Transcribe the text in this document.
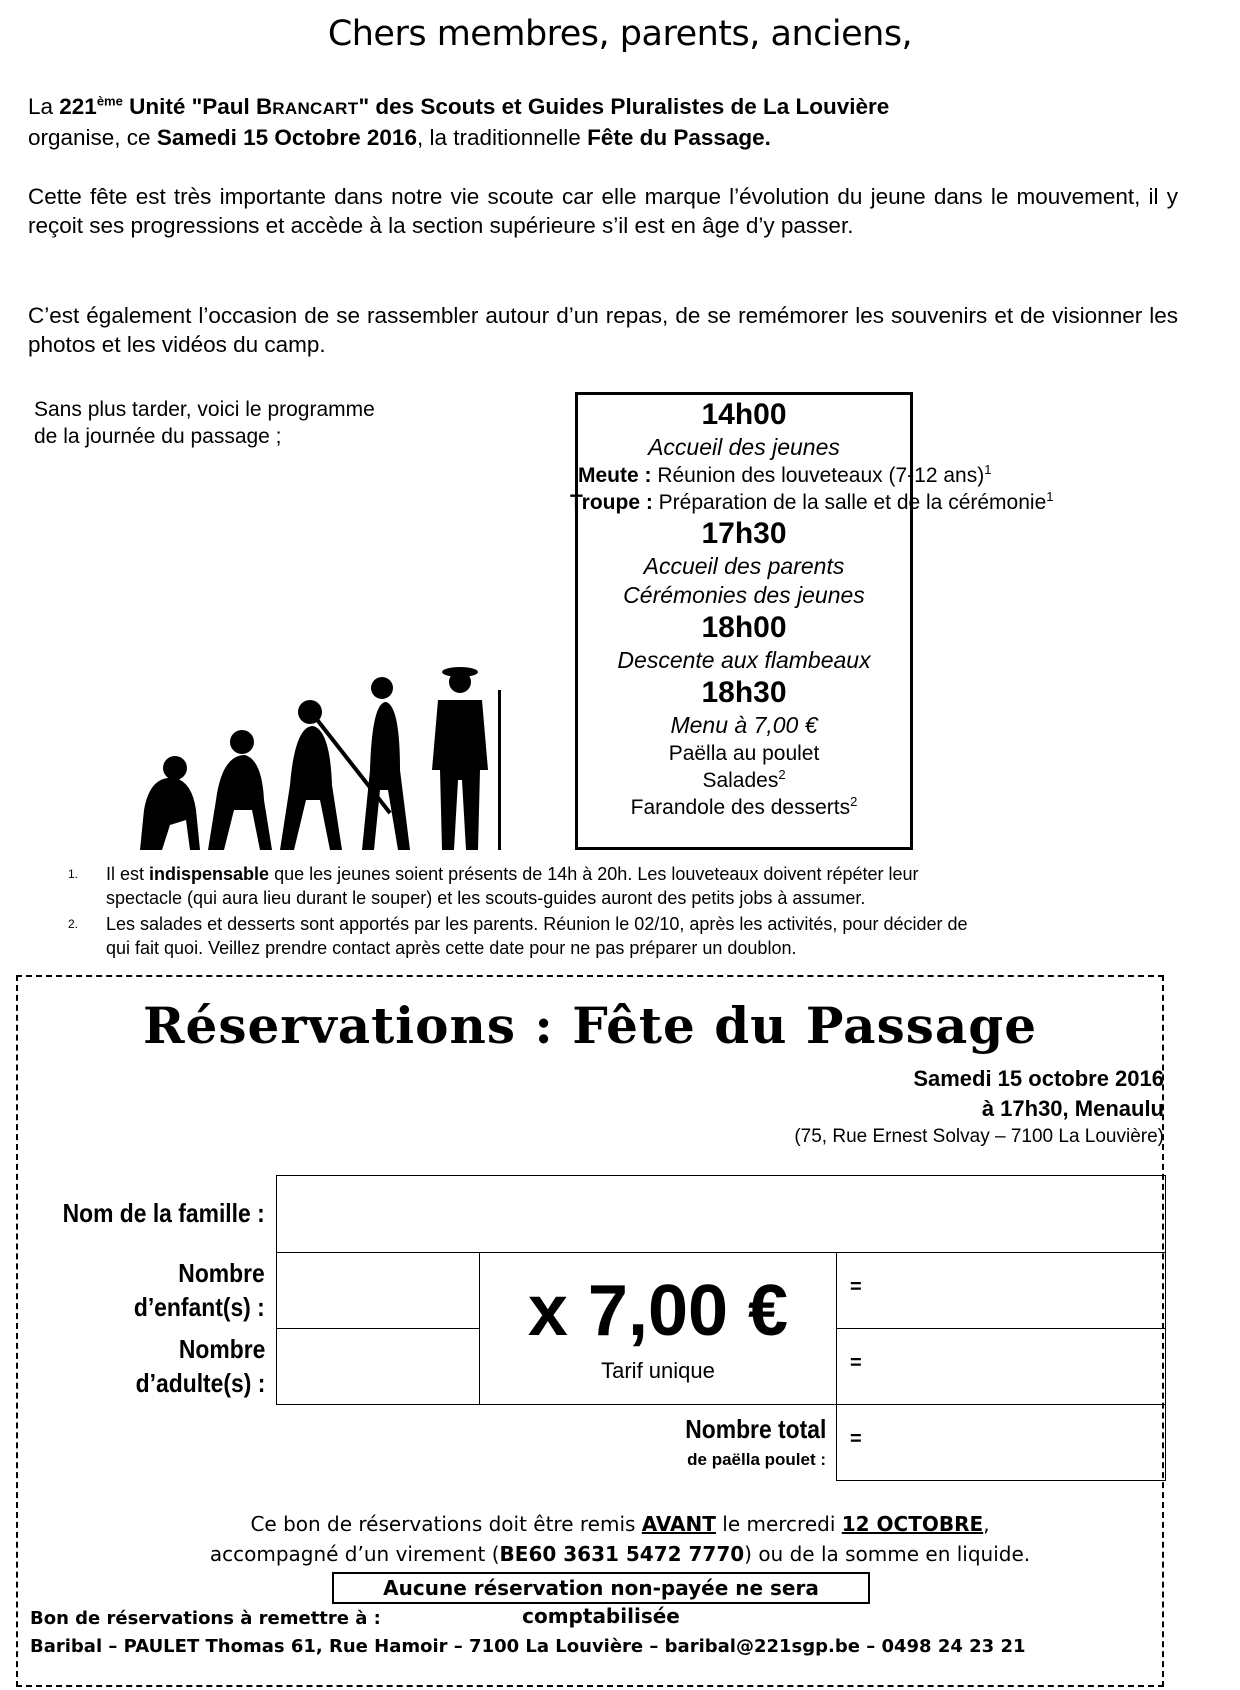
Chers membres, parents, anciens,
La 221ème Unité "Paul BRANCART" des Scouts et Guides Pluralistes de La Louvière
organise, ce Samedi 15 Octobre 2016, la traditionnelle Fête du Passage.
Cette fête est très importante dans notre vie scoute car elle marque l’évolution du jeune dans le mouvement, il y reçoit ses progressions et accède à la section supérieure s’il est en âge d’y passer.
C’est également l’occasion de se rassembler autour d’un repas, de se remémorer les souvenirs et de visionner les photos et les vidéos du camp.
Sans plus tarder, voici le programme
de la journée du passage ;
14h00
Accueil des jeunes
Meute : Réunion des louveteaux (7-12 ans)$^1$
Troupe : Préparation de la salle et de la cérémonie$^1$
17h30
Accueil des parents
Cérémonies des jeunes
18h00
Descente aux flambeaux
18h30
Menu à 7,00 €
Paëlla au poulet
Salades$^2$
Farandole des desserts$^2$
1. Il est indispensable que les jeunes soient présents de 14h à 20h. Les louveteaux doivent répéter leur
spectacle (qui aura lieu durant le souper) et les scouts-guides auront des petits jobs à assumer.
2. Les salades et desserts sont apportés par les parents. Réunion le 02/10, après les activités, pour décider de
qui fait quoi. Veillez prendre contact après cette date pour ne pas préparer un doublon.
Réservations : Fête du Passage
Samedi 15 octobre 2016
à 17h30, Menaulu
(75, Rue Ernest Solvay – 7100 La Louvière)
Nom de la famille :
Nombre
d’enfant(s) :
Nombre
d’adulte(s) :
x 7,00 €
Tarif unique
=
=
=
Nombre total
de paëlla poulet :
Ce bon de réservations doit être remis AVANT le mercredi 12 OCTOBRE,
accompagné d’un virement (BE60 3631 5472 7770) ou de la somme en liquide.
Aucune réservation non-payée ne sera comptabilisée
Bon de réservations à remettre à :
Baribal – PAULET Thomas 61, Rue Hamoir – 7100 La Louvière – baribal@221sgp.be – 0498 24 23 21
